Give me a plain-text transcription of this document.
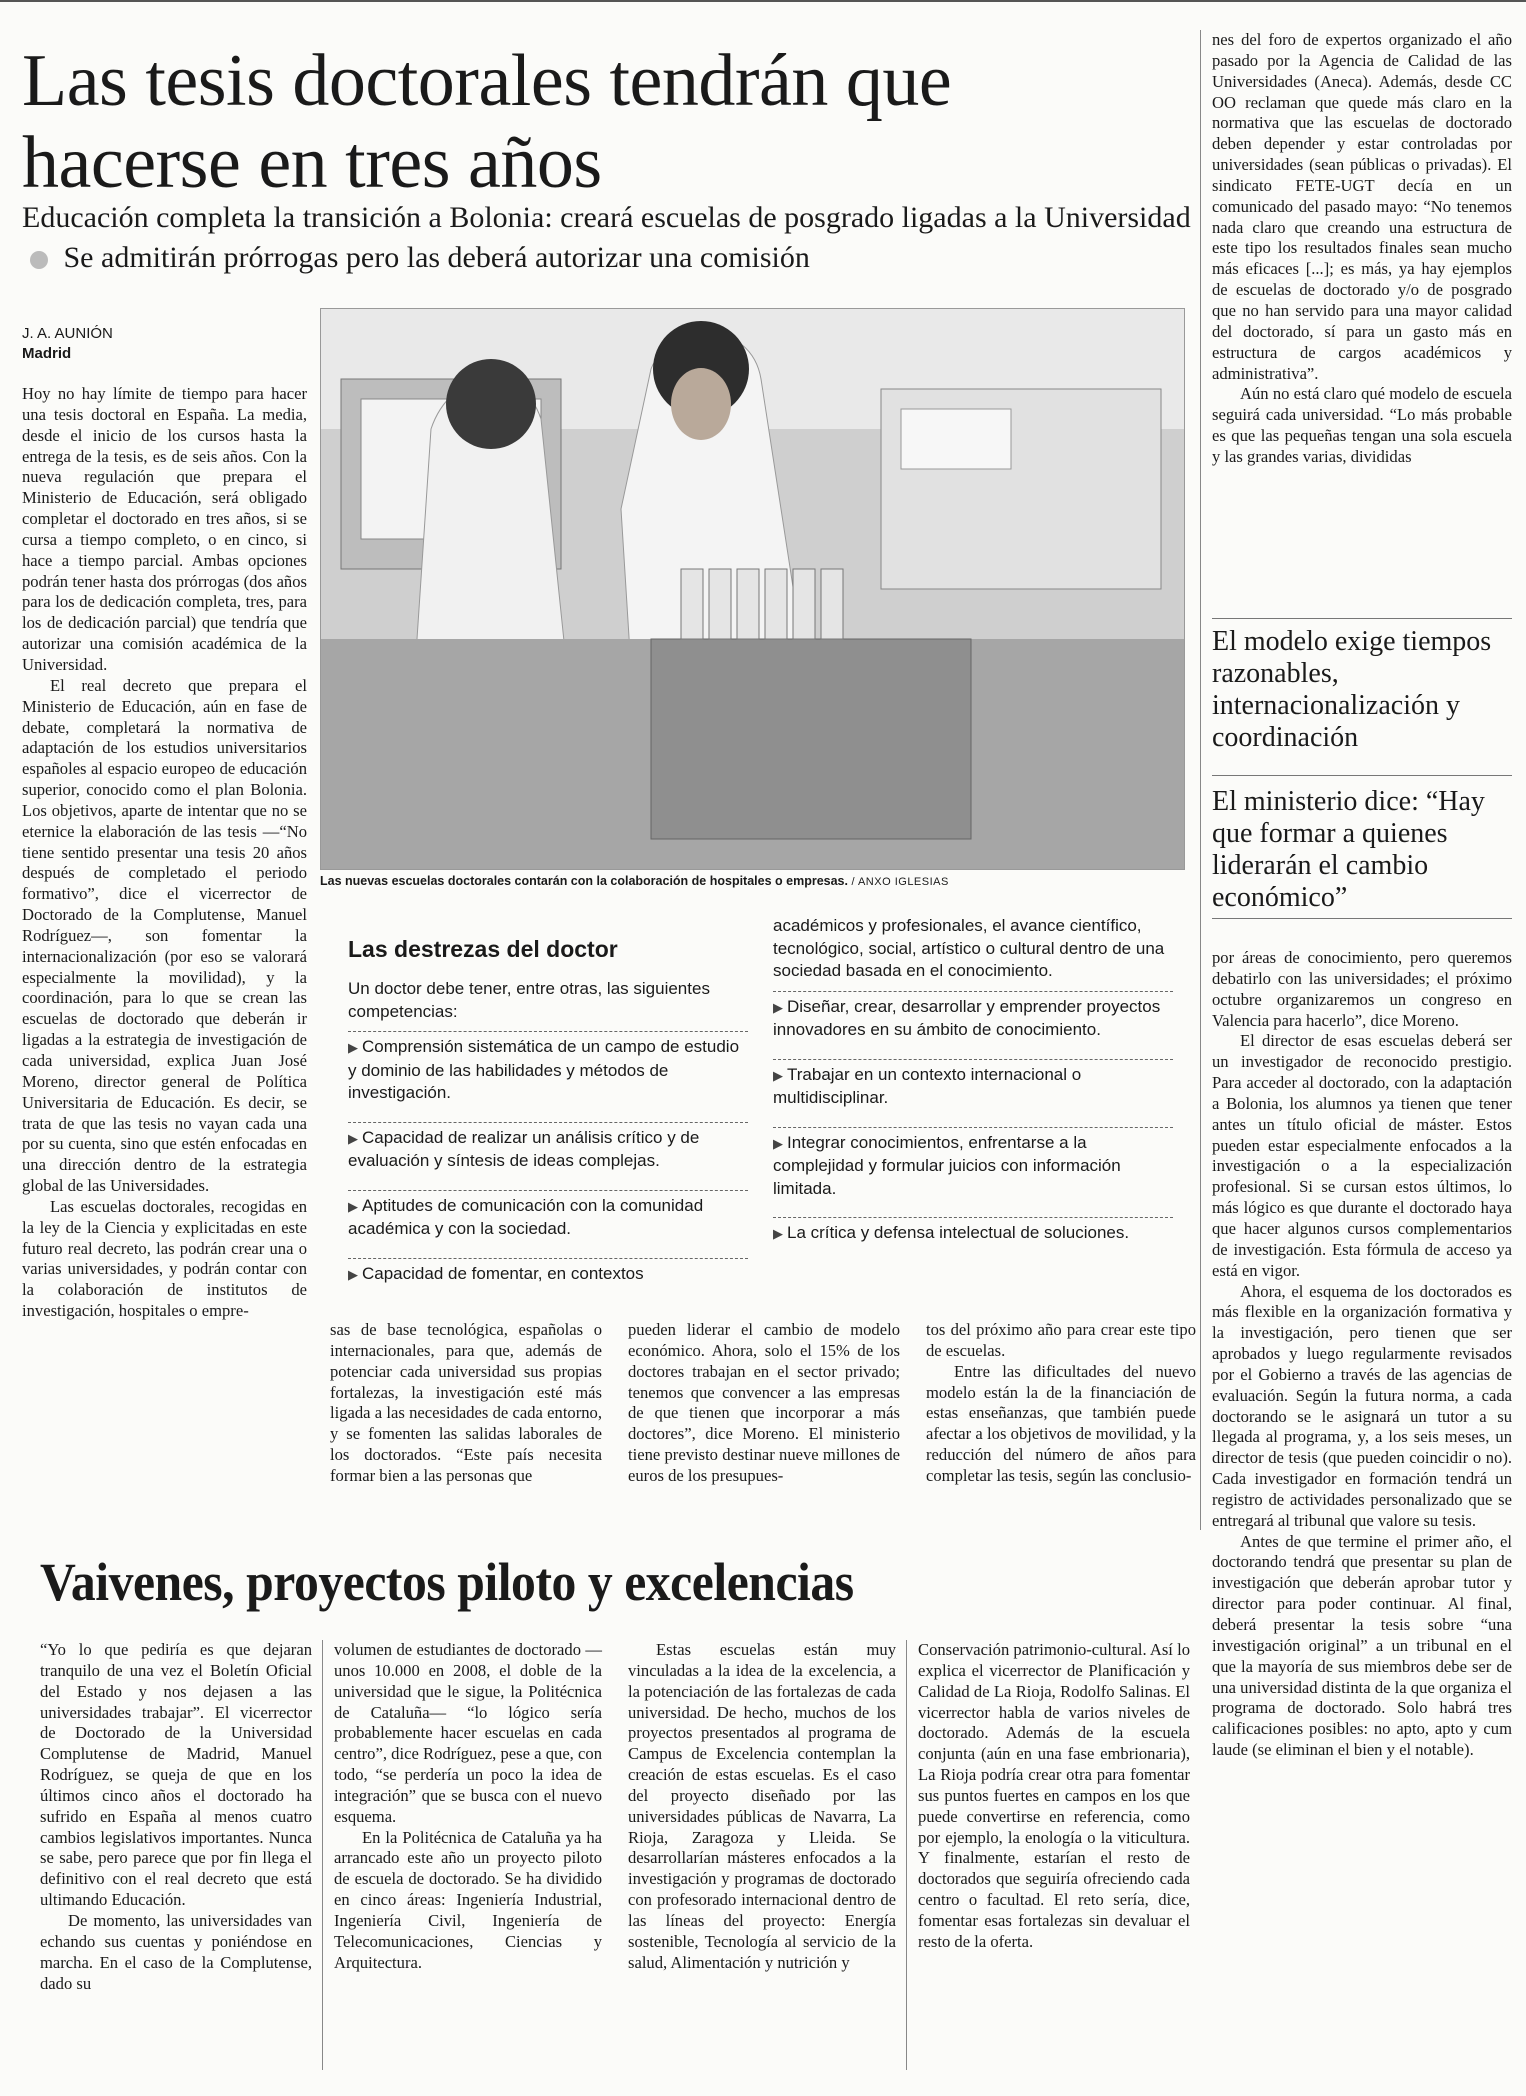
Las tesis doctorales tendrán que hacerse en tres años

Educación completa la transición a Bolonia: creará escuelas de posgrado ligadas a la Universidad  Se admitirán prórrogas pero las deberá autorizar una comisión

J. A. AUNIÓN
Madrid

Hoy no hay límite de tiempo para hacer una tesis doctoral en España. La media, desde el inicio de los cursos hasta la entrega de la tesis, es de seis años. Con la nueva regulación que prepara el Ministerio de Educación, será obligado completar el doctorado en tres años, si se cursa a tiempo completo, o en cinco, si hace a tiempo parcial. Ambas opciones podrán tener hasta dos prórrogas (dos años para los de dedicación completa, tres, para los de dedicación parcial) que tendría que autorizar una comisión académica de la Universidad.

El real decreto que prepara el Ministerio de Educación, aún en fase de debate, completará la normativa de adaptación de los estudios universitarios españoles al espacio europeo de educación superior, conocido como el plan Bolonia. Los objetivos, aparte de intentar que no se eternice la elaboración de las tesis —“No tiene sentido presentar una tesis 20 años después de completado el periodo formativo”, dice el vicerrector de Doctorado de la Complutense, Manuel Rodríguez—, son fomentar la internacionalización (por eso se valorará especialmente la movilidad), y la coordinación, para lo que se crean las escuelas de doctorado que deberán ir ligadas a la estrategia de investigación de cada universidad, explica Juan José Moreno, director general de Política Universitaria de Educación. Es decir, se trata de que las tesis no vayan cada una por su cuenta, sino que estén enfocadas en una dirección dentro de la estrategia global de las Universidades.

Las escuelas doctorales, recogidas en la ley de la Ciencia y explicitadas en este futuro real decreto, las podrán crear una o varias universidades, y podrán contar con la colaboración de institutos de investigación, hospitales o empre-

Las nuevas escuelas doctorales contarán con la colaboración de hospitales o empresas. / ANXO IGLESIAS
Las destrezas del doctor
Un doctor debe tener, entre otras, las siguientes competencias:
▶ Comprensión sistemática de un campo de estudio y dominio de las habilidades y métodos de investigación.
▶ Capacidad de realizar un análisis crítico y de evaluación y síntesis de ideas complejas.
▶ Aptitudes de comunicación con la comunidad académica y con la sociedad.
▶ Capacidad de fomentar, en contextos
académicos y profesionales, el avance científico, tecnológico, social, artístico o cultural dentro de una sociedad basada en el conocimiento.
▶ Diseñar, crear, desarrollar y emprender proyectos innovadores en su ámbito de conocimiento.
▶ Trabajar en un contexto internacional o multidisciplinar.
▶ Integrar conocimientos, enfrentarse a la complejidad y formular juicios con información limitada.
▶ La crítica y defensa intelectual de soluciones.

sas de base tecnológica, españolas o internacionales, para que, además de potenciar cada universidad sus propias fortalezas, la investigación esté más ligada a las necesidades de cada entorno, y se fomenten las salidas laborales de los doctorados. “Este país necesita formar bien a las personas que

pueden liderar el cambio de modelo económico. Ahora, solo el 15% de los doctores trabajan en el sector privado; tenemos que convencer a las empresas de que tienen que incorporar a más doctores”, dice Moreno. El ministerio tiene previsto destinar nueve millones de euros de los presupues-

tos del próximo año para crear este tipo de escuelas.

Entre las dificultades del nuevo modelo están la de la financiación de estas enseñanzas, que también puede afectar a los objetivos de movilidad, y la reducción del número de años para completar las tesis, según las conclusio-

nes del foro de expertos organizado el año pasado por la Agencia de Calidad de las Universidades (Aneca). Además, desde CC OO reclaman que quede más claro en la normativa que las escuelas de doctorado deben depender y estar controladas por universidades (sean públicas o privadas). El sindicato FETE-UGT decía en un comunicado del pasado mayo: “No tenemos nada claro que creando una estructura de este tipo los resultados finales sean mucho más eficaces [...]; es más, ya hay ejemplos de escuelas de doctorado y/o de posgrado que no han servido para una mayor calidad del doctorado, sí para un gasto más en estructura de cargos académicos y administrativa”.

Aún no está claro qué modelo de escuela seguirá cada universidad. “Lo más probable es que las pequeñas tengan una sola escuela y las grandes varias, divididas

El modelo exige tiempos razonables, internacionalización y coordinación
El ministerio dice: “Hay que formar a quienes liderarán el cambio económico”

por áreas de conocimiento, pero queremos debatirlo con las universidades; el próximo octubre organizaremos un congreso en Valencia para hacerlo”, dice Moreno.

El director de esas escuelas deberá ser un investigador de reconocido prestigio. Para acceder al doctorado, con la adaptación a Bolonia, los alumnos ya tienen que tener antes un título oficial de máster. Estos pueden estar especialmente enfocados a la investigación o a la especialización profesional. Si se cursan estos últimos, lo más lógico es que durante el doctorado haya que hacer algunos cursos complementarios de investigación. Esta fórmula de acceso ya está en vigor.

Ahora, el esquema de los doctorados es más flexible en la organización formativa y la investigación, pero tienen que ser aprobados y luego regularmente revisados por el Gobierno a través de las agencias de evaluación. Según la futura norma, a cada doctorando se le asignará un tutor a su llegada al programa, y, a los seis meses, un director de tesis (que pueden coincidir o no). Cada investigador en formación tendrá un registro de actividades personalizado que se entregará al tribunal que valore su tesis.

Antes de que termine el primer año, el doctorando tendrá que presentar su plan de investigación que deberán aprobar tutor y director para poder continuar. Al final, deberá presentar la tesis sobre “una investigación original” a un tribunal en el que la mayoría de sus miembros debe ser de una universidad distinta de la que organiza el programa de doctorado. Solo habrá tres calificaciones posibles: no apto, apto y cum laude (se eliminan el bien y el notable).

Vaivenes, proyectos piloto y excelencias

“Yo lo que pediría es que dejaran tranquilo de una vez el Boletín Oficial del Estado y nos dejasen a las universidades trabajar”. El vicerrector de Doctorado de la Universidad Complutense de Madrid, Manuel Rodríguez, se queja de que en los últimos cinco años el doctorado ha sufrido en España al menos cuatro cambios legislativos importantes. Nunca se sabe, pero parece que por fin llega el definitivo con el real decreto que está ultimando Educación.

De momento, las universidades van echando sus cuentas y poniéndose en marcha. En el caso de la Complutense, dado su

volumen de estudiantes de doctorado —unos 10.000 en 2008, el doble de la universidad que le sigue, la Politécnica de Cataluña— “lo lógico sería probablemente hacer escuelas en cada centro”, dice Rodríguez, pese a que, con todo, “se perdería un poco la idea de integración” que se busca con el nuevo esquema.

En la Politécnica de Cataluña ya ha arrancado este año un proyecto piloto de escuela de doctorado. Se ha dividido en cinco áreas: Ingeniería Industrial, Ingeniería Civil, Ingeniería de Telecomunicaciones, Ciencias y Arquitectura.

Estas escuelas están muy vinculadas a la idea de la excelencia, a la potenciación de las fortalezas de cada universidad. De hecho, muchos de los proyectos presentados al programa de Campus de Excelencia contemplan la creación de estas escuelas. Es el caso del proyecto diseñado por las universidades públicas de Navarra, La Rioja, Zaragoza y Lleida. Se desarrollarían másteres enfocados a la investigación y programas de doctorado con profesorado internacional dentro de las líneas del proyecto: Energía sostenible, Tecnología al servicio de la salud, Alimentación y nutrición y

Conservación patrimonio-cultural. Así lo explica el vicerrector de Planificación y Calidad de La Rioja, Rodolfo Salinas. El vicerrector habla de varios niveles de doctorado. Además de la escuela conjunta (aún en una fase embrionaria), La Rioja podría crear otra para fomentar sus puntos fuertes en campos en los que puede convertirse en referencia, como por ejemplo, la enología o la viticultura. Y finalmente, estarían el resto de doctorados que seguiría ofreciendo cada centro o facultad. El reto sería, dice, fomentar esas fortalezas sin devaluar el resto de la oferta.
